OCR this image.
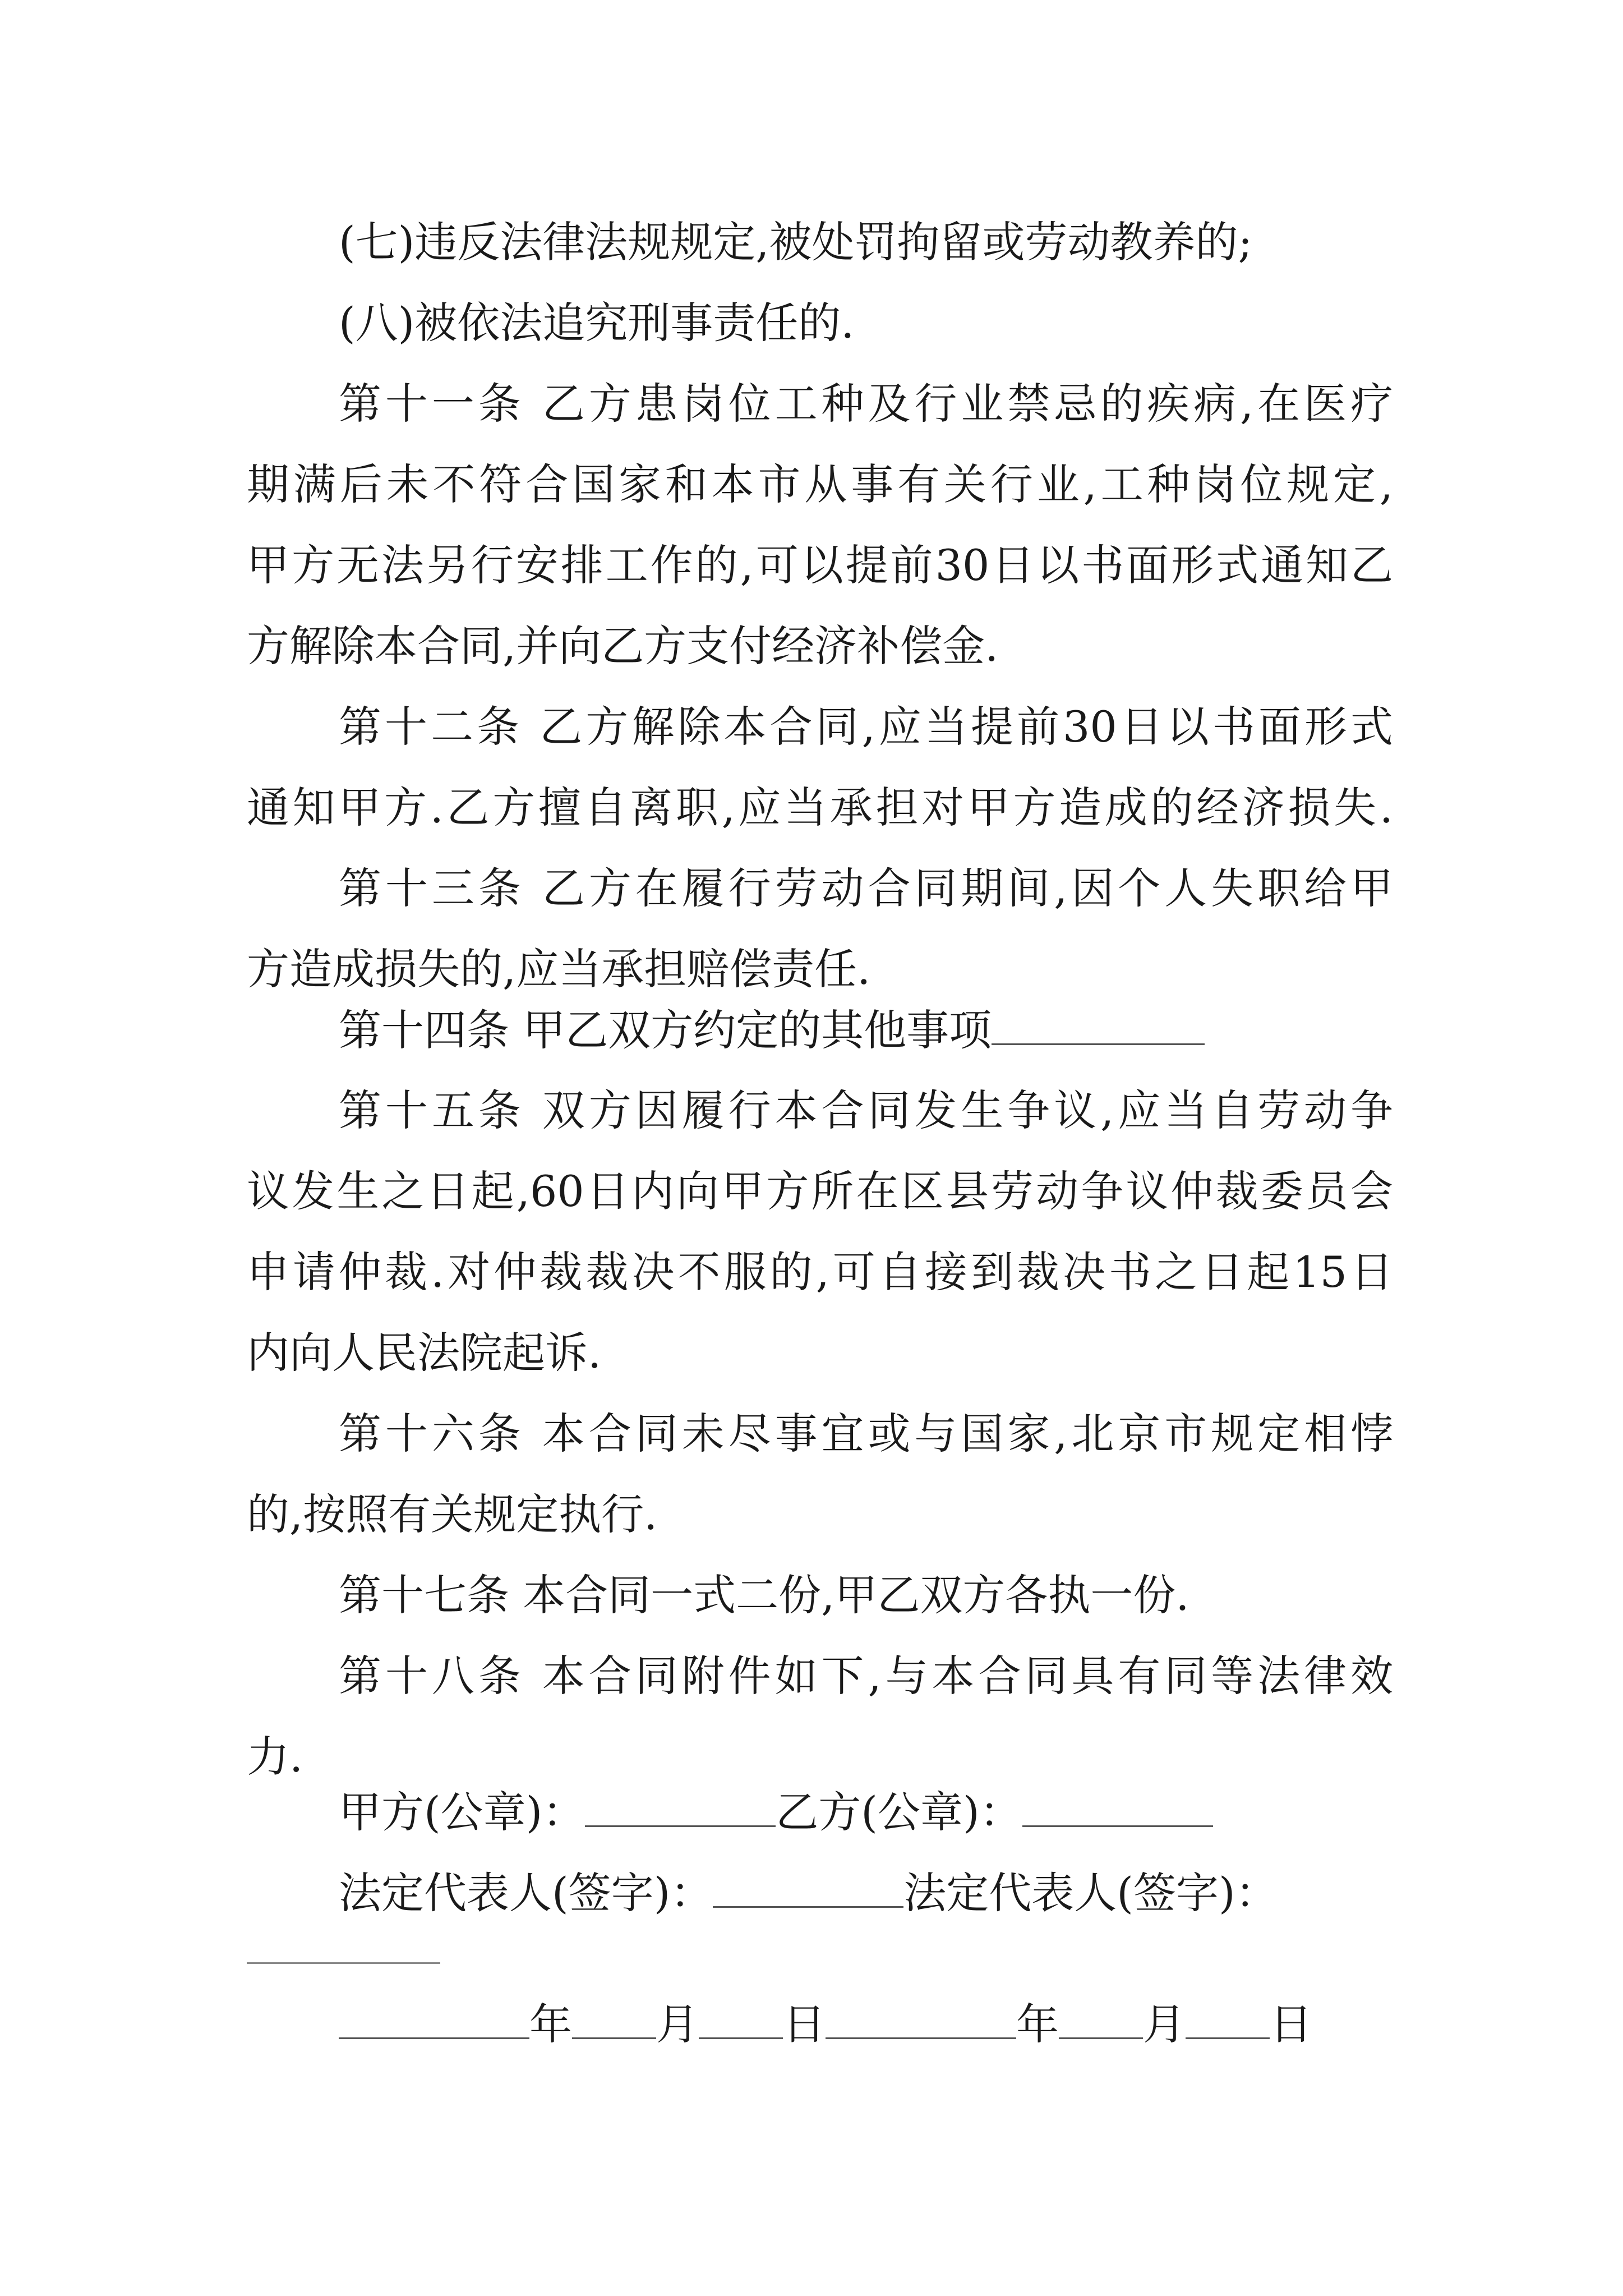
(七)违反法律法规规定,被处罚拘留或劳动教养的;
(八)被依法追究刑事责任的.
第十一条 乙方患岗位工种及行业禁忌的疾病,在医疗
期满后未不符合国家和本市从事有关行业,工种岗位规定,
甲方无法另行安排工作的,可以提前30日以书面形式通知乙
方解除本合同,并向乙方支付经济补偿金.
第十二条 乙方解除本合同,应当提前30日以书面形式
通知甲方.乙方擅自离职,应当承担对甲方造成的经济损失.
第十三条 乙方在履行劳动合同期间,因个人失职给甲
方造成损失的,应当承担赔偿责任.
第十四条 甲乙双方约定的其他事项
第十五条 双方因履行本合同发生争议,应当自劳动争
议发生之日起,60日内向甲方所在区县劳动争议仲裁委员会
申请仲裁.对仲裁裁决不服的,可自接到裁决书之日起15日
内向人民法院起诉.
第十六条 本合同未尽事宜或与国家,北京市规定相悖
的,按照有关规定执行.
第十七条 本合同一式二份,甲乙双方各执一份.
第十八条 本合同附件如下,与本合同具有同等法律效
力.
甲方(公章)：	乙方(公章)：
法定代表人(签字)：	法定代表人(签字)：
年 月 日	年 月 日
